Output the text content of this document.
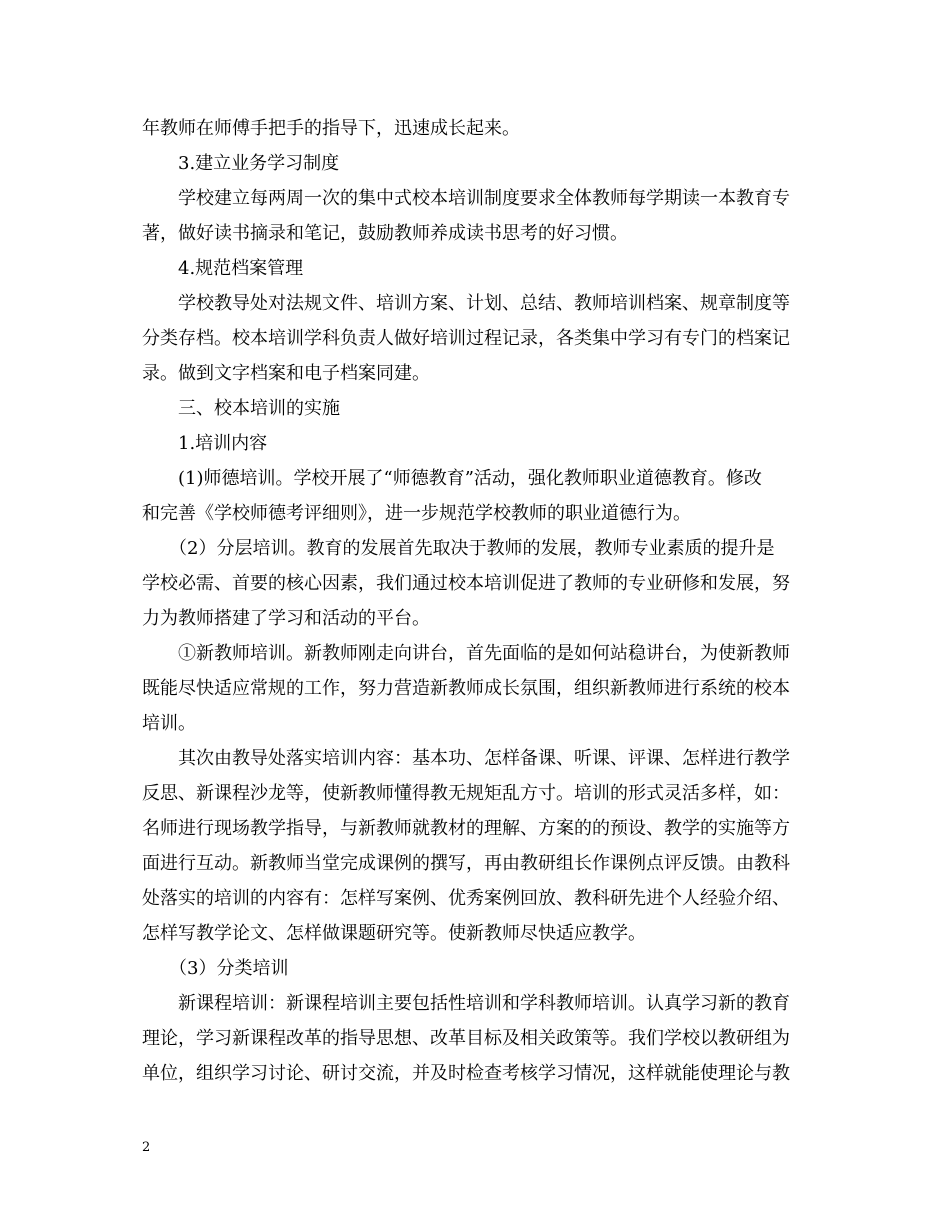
年教师在师傅手把手的指导下，迅速成长起来。
　　3.建立业务学习制度
　　学校建立每两周一次的集中式校本培训制度要求全体教师每学期读一本教育专
著，做好读书摘录和笔记，鼓励教师养成读书思考的好习惯。
　　4.规范档案管理
　　学校教导处对法规文件、培训方案、计划、总结、教师培训档案、规章制度等
分类存档。校本培训学科负责人做好培训过程记录，各类集中学习有专门的档案记
录。做到文字档案和电子档案同建。
　　三、校本培训的实施
　　1.培训内容
　　(1)师德培训。学校开展了“师德教育”活动，强化教师职业道德教育。修改
和完善《学校师德考评细则》，进一步规范学校教师的职业道德行为。
　　（2）分层培训。教育的发展首先取决于教师的发展，教师专业素质的提升是
学校必需、首要的核心因素，我们通过校本培训促进了教师的专业研修和发展，努
力为教师搭建了学习和活动的平台。
　　①新教师培训。新教师刚走向讲台，首先面临的是如何站稳讲台，为使新教师
既能尽快适应常规的工作，努力营造新教师成长氛围，组织新教师进行系统的校本
培训。
　　其次由教导处落实培训内容：基本功、怎样备课、听课、评课、怎样进行教学
反思、新课程沙龙等，使新教师懂得教无规矩乱方寸。培训的形式灵活多样，如：
名师进行现场教学指导，与新教师就教材的理解、方案的的预设、教学的实施等方
面进行互动。新教师当堂完成课例的撰写，再由教研组长作课例点评反馈。由教科
处落实的培训的内容有：怎样写案例、优秀案例回放、教科研先进个人经验介绍、
怎样写教学论文、怎样做课题研究等。使新教师尽快适应教学。
　　（3）分类培训
　　新课程培训：新课程培训主要包括性培训和学科教师培训。认真学习新的教育
理论，学习新课程改革的指导思想、改革目标及相关政策等。我们学校以教研组为
单位，组织学习讨论、研讨交流，并及时检查考核学习情况，这样就能使理论与教
2
